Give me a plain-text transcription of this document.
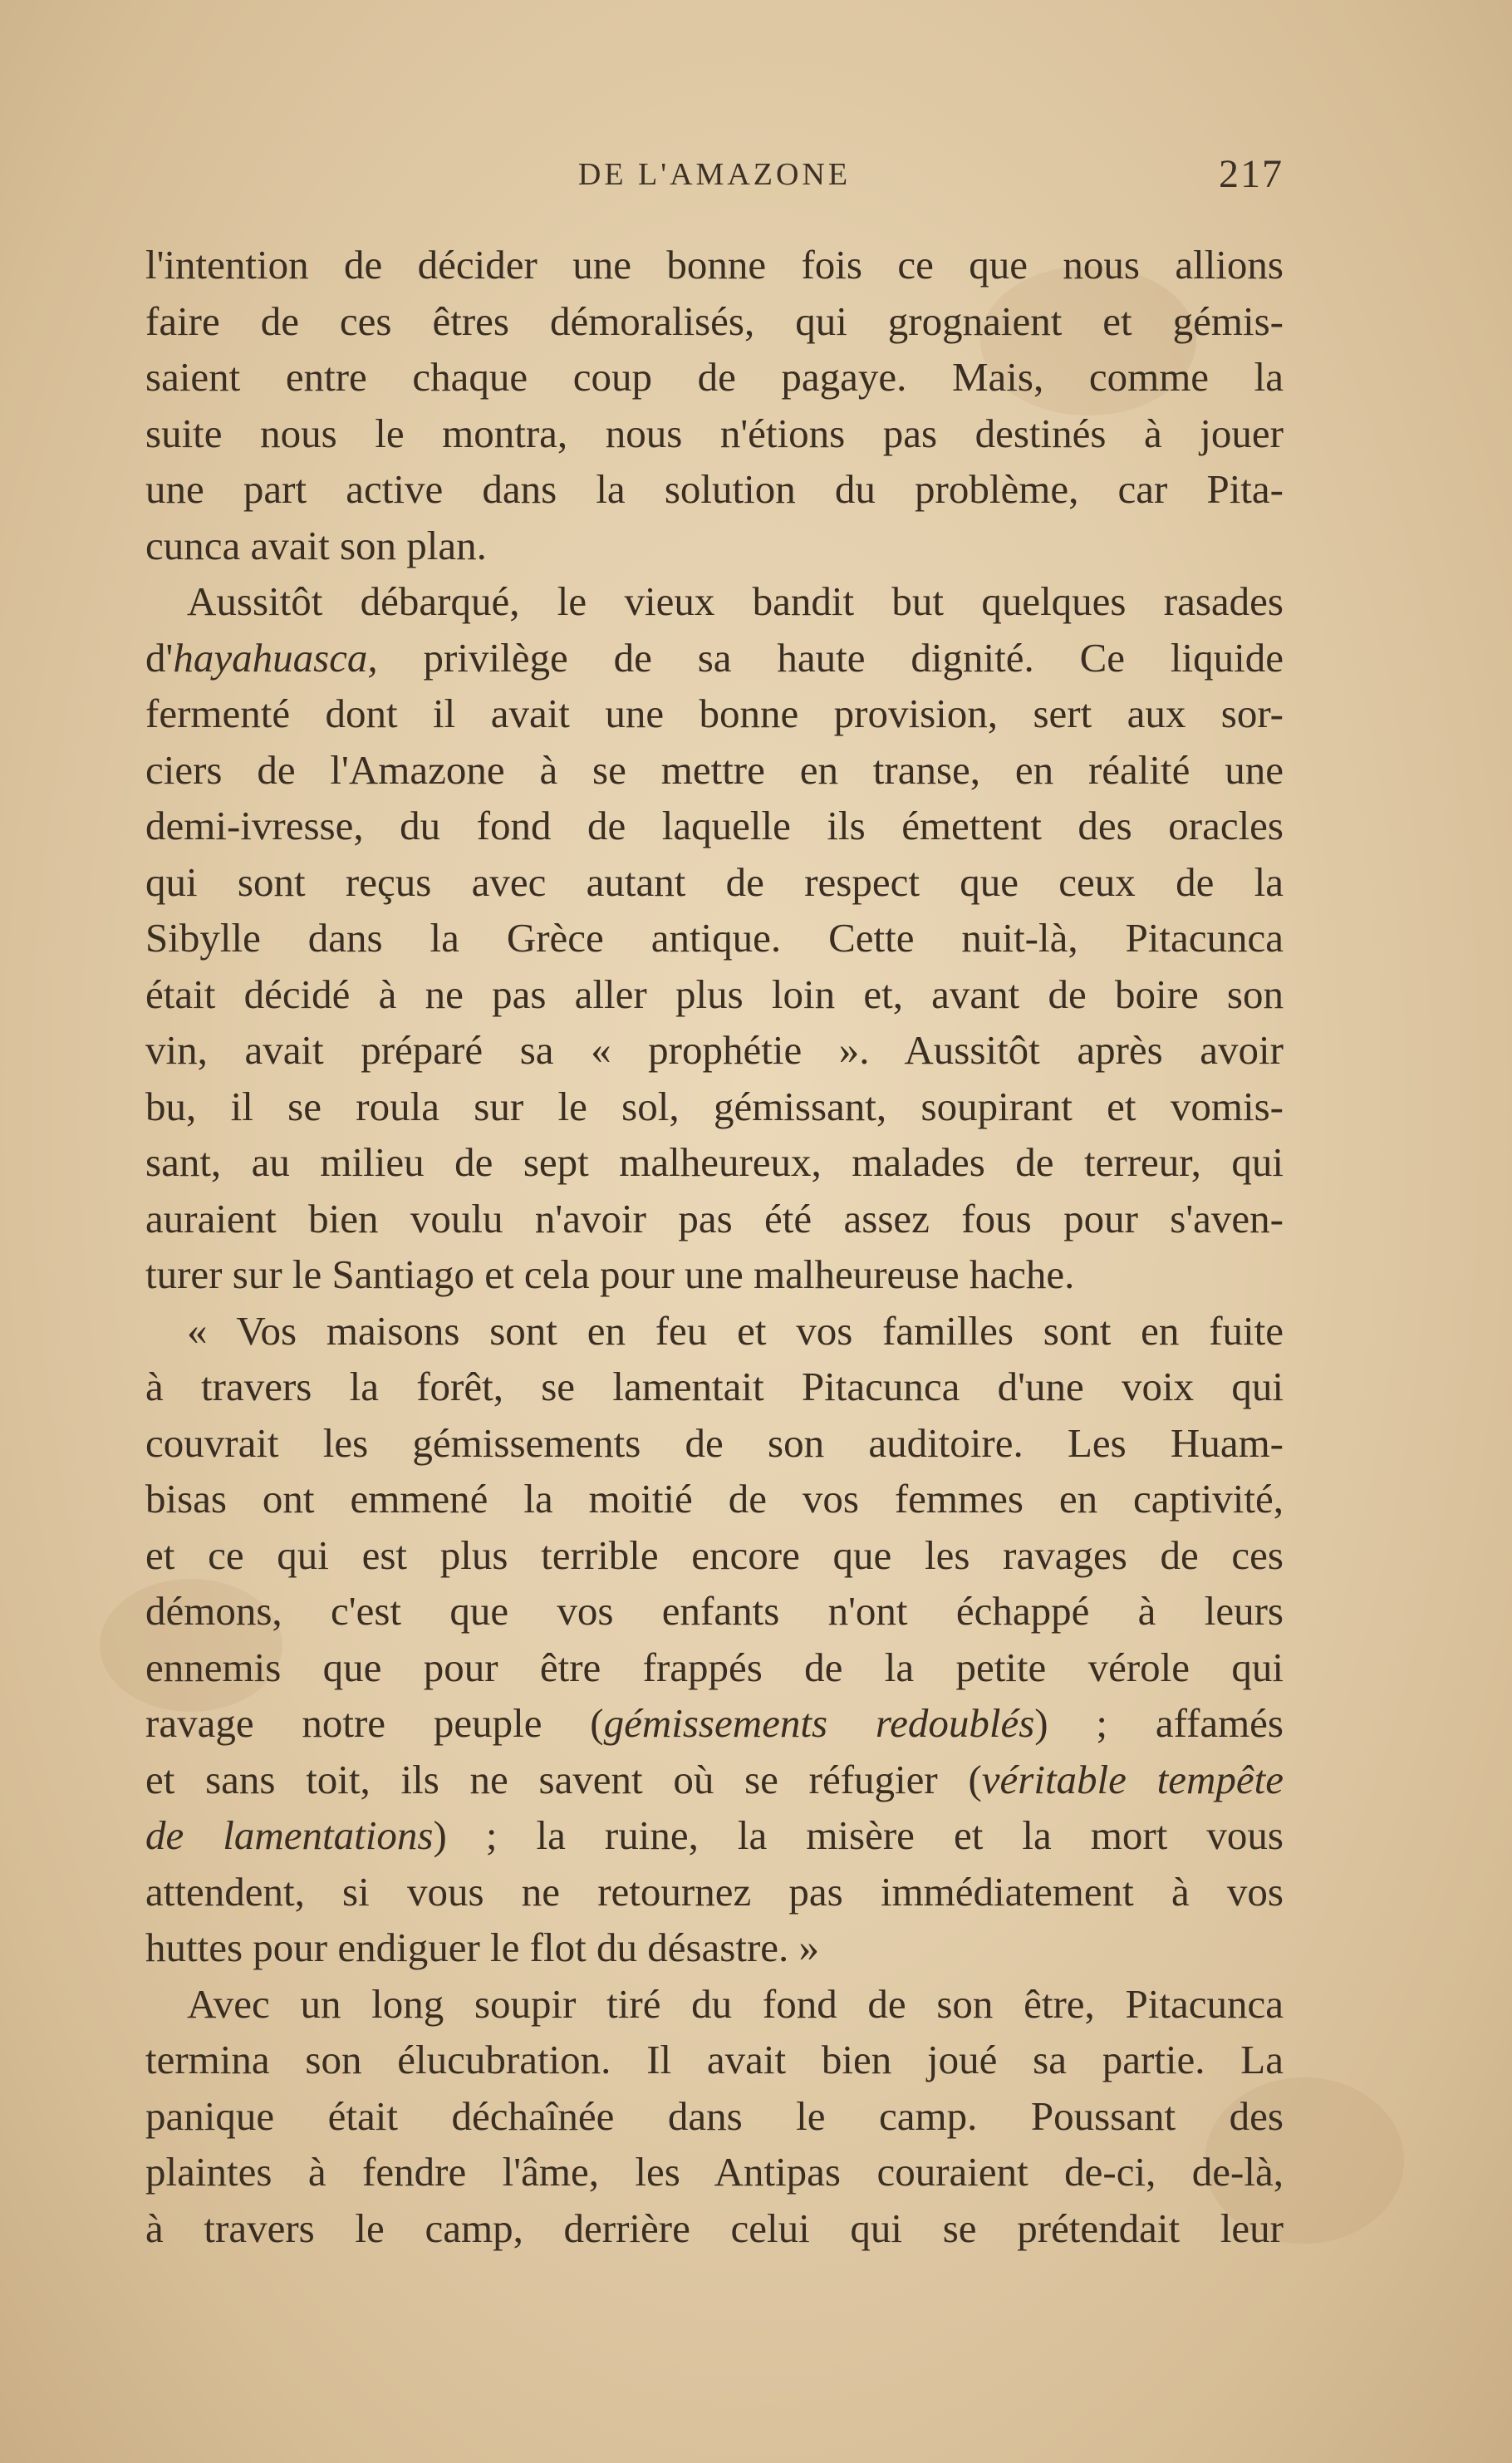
DE L'AMAZONE	217
l'intention de décider une bonne fois ce que nous allions
faire de ces êtres démoralisés, qui grognaient et gémis-
saient entre chaque coup de pagaye. Mais, comme la
suite nous le montra, nous n'étions pas destinés à jouer
une part active dans la solution du problème, car Pita-
cunca avait son plan.
Aussitôt débarqué, le vieux bandit but quelques rasades
d'hayahuasca, privilège de sa haute dignité. Ce liquide
fermenté dont il avait une bonne provision, sert aux sor-
ciers de l'Amazone à se mettre en transe, en réalité une
demi-ivresse, du fond de laquelle ils émettent des oracles
qui sont reçus avec autant de respect que ceux de la
Sibylle dans la Grèce antique. Cette nuit-là, Pitacunca
était décidé à ne pas aller plus loin et, avant de boire son
vin, avait préparé sa « prophétie ». Aussitôt après avoir
bu, il se roula sur le sol, gémissant, soupirant et vomis-
sant, au milieu de sept malheureux, malades de terreur, qui
auraient bien voulu n'avoir pas été assez fous pour s'aven-
turer sur le Santiago et cela pour une malheureuse hache.
« Vos maisons sont en feu et vos familles sont en fuite
à travers la forêt, se lamentait Pitacunca d'une voix qui
couvrait les gémissements de son auditoire. Les Huam-
bisas ont emmené la moitié de vos femmes en captivité,
et ce qui est plus terrible encore que les ravages de ces
démons, c'est que vos enfants n'ont échappé à leurs
ennemis que pour être frappés de la petite vérole qui
ravage notre peuple (gémissements redoublés) ; affamés
et sans toit, ils ne savent où se réfugier (véritable tempête
de lamentations) ; la ruine, la misère et la mort vous
attendent, si vous ne retournez pas immédiatement à vos
huttes pour endiguer le flot du désastre. »
Avec un long soupir tiré du fond de son être, Pitacunca
termina son élucubration. Il avait bien joué sa partie. La
panique était déchaînée dans le camp. Poussant des
plaintes à fendre l'âme, les Antipas couraient de-ci, de-là,
à travers le camp, derrière celui qui se prétendait leur
